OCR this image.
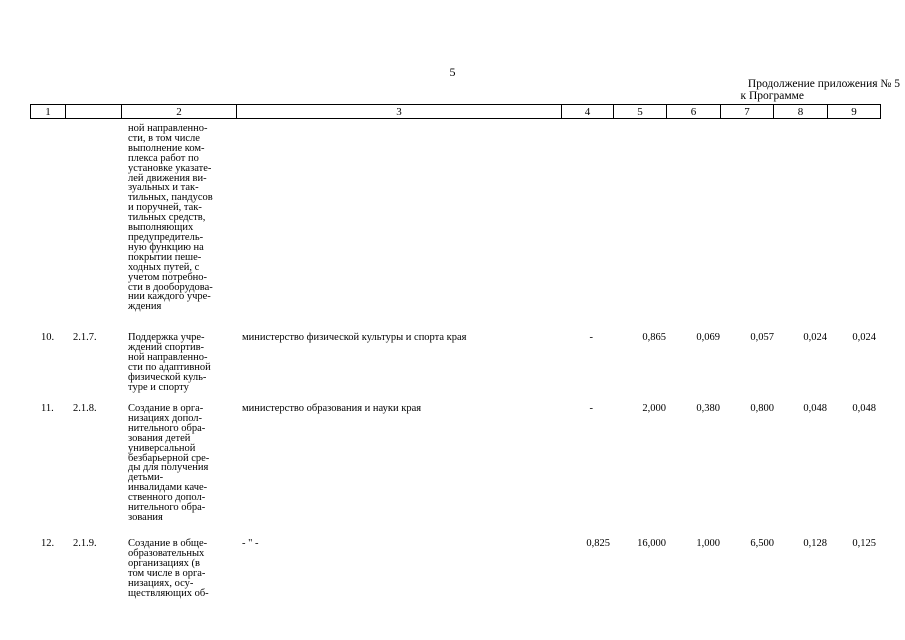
5
Продолжение приложения № 5
к Программе
1		2	3	4	5	6	7	8	9
ной направленно-
сти, в том числе
выполнение ком-
плекса работ по
установке указате-
лей движения ви-
зуальных и так-
тильных, пандусов
и поручней, так-
тильных средств,
выполняющих
предупредитель-
ную функцию на
покрытии пеше-
ходных путей, с
учетом потребно-
сти в дооборудова-
нии каждого учре-
ждения
10. 2.1.7.	Поддержка учре-
ждений спортив-
ной направленно-
сти по адаптивной
физической куль-
туре и спорту
министерство физической культуры и спорта края	-	0,865	0,069	0,057	0,024	0,024
11. 2.1.8.	Создание в орга-
низациях допол-
нительного обра-
зования детей
универсальной
безбарьерной сре-
ды для получения
детьми-
инвалидами каче-
ственного допол-
нительного обра-
зования
министерство образования и науки края	-	2,000	0,380	0,800	0,048	0,048
12. 2.1.9.	Создание в обще-
образовательных
организациях (в
том числе в орга-
низациях, осу-
ществляющих об-
- " -	0,825	16,000	1,000	6,500	0,128	0,125
